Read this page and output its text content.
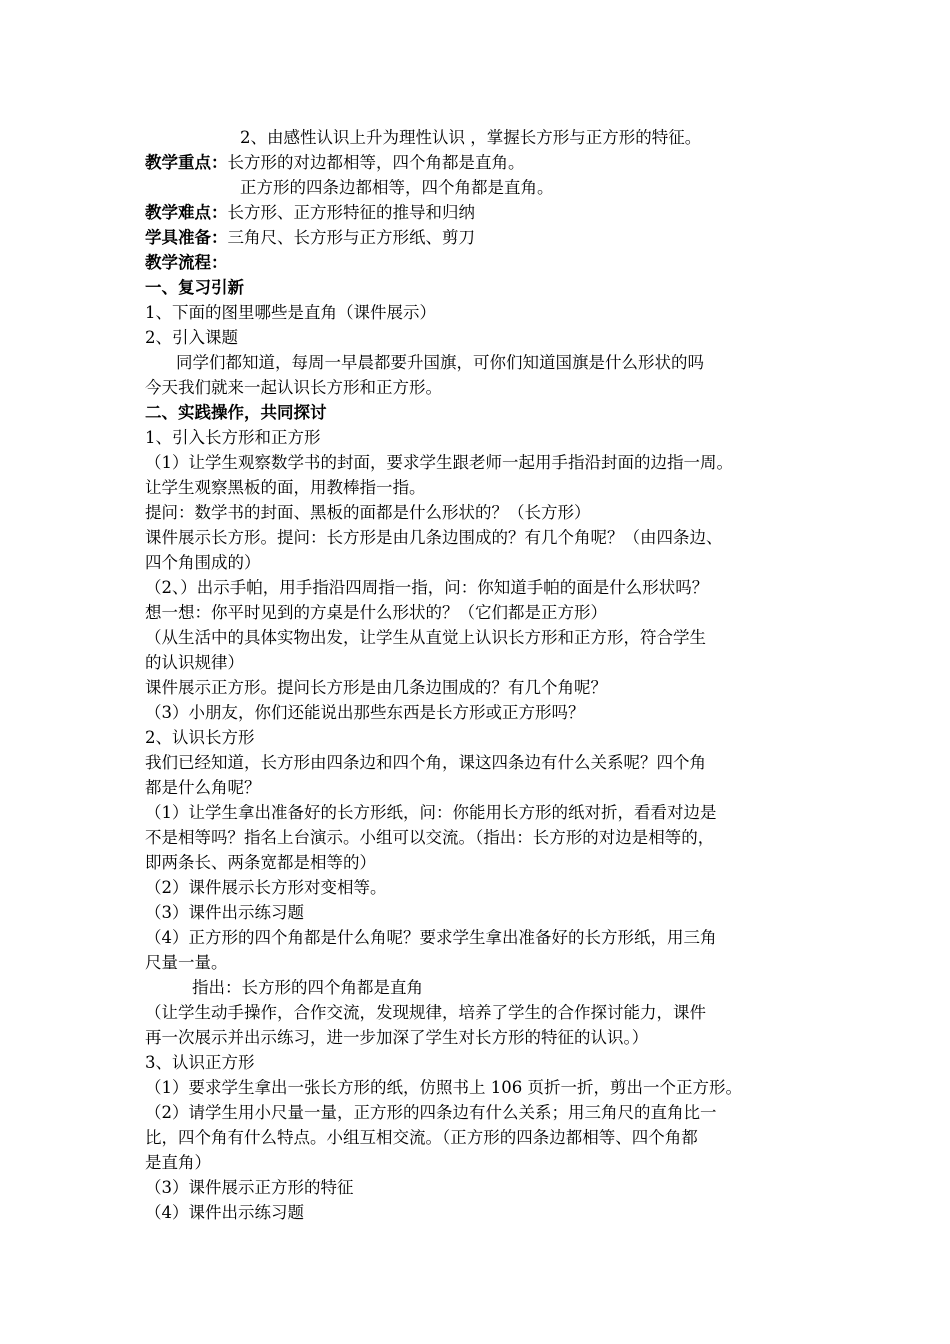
2、由感性认识上升为理性认识 ，掌握长方形与正方形的特征。
教学重点：长方形的对边都相等，四个角都是直角。
正方形的四条边都相等，四个角都是直角。
教学难点：长方形、正方形特征的推导和归纳
学具准备：三角尺、长方形与正方形纸、剪刀
教学流程：
一、复习引新
1、下面的图里哪些是直角（课件展示）
2、引入课题
同学们都知道，每周一早晨都要升国旗，可你们知道国旗是什么形状的吗
今天我们就来一起认识长方形和正方形。
二、实践操作，共同探讨
1、引入长方形和正方形
（1）让学生观察数学书的封面，要求学生跟老师一起用手指沿封面的边指一周。
让学生观察黑板的面，用教棒指一指。
提问：数学书的封面、黑板的面都是什么形状的？（长方形）
课件展示长方形。提问：长方形是由几条边围成的？有几个角呢？（由四条边、
四个角围成的）
（2、）出示手帕，用手指沿四周指一指，问：你知道手帕的面是什么形状吗？
想一想：你平时见到的方桌是什么形状的？（它们都是正方形）
（从生活中的具体实物出发，让学生从直觉上认识长方形和正方形，符合学生
的认识规律）
课件展示正方形。提问长方形是由几条边围成的？有几个角呢？
（3）小朋友，你们还能说出那些东西是长方形或正方形吗？
2、认识长方形
我们已经知道，长方形由四条边和四个角，课这四条边有什么关系呢？四个角
都是什么角呢？
（1）让学生拿出准备好的长方形纸，问：你能用长方形的纸对折，看看对边是
不是相等吗？指名上台演示。小组可以交流。（指出：长方形的对边是相等的，
即两条长、两条宽都是相等的）
（2）课件展示长方形对变相等。
（3）课件出示练习题
（4）正方形的四个角都是什么角呢？要求学生拿出准备好的长方形纸，用三角
尺量一量。
指出：长方形的四个角都是直角
（让学生动手操作，合作交流，发现规律，培养了学生的合作探讨能力，课件
再一次展示并出示练习，进一步加深了学生对长方形的特征的认识。）
3、认识正方形
（1）要求学生拿出一张长方形的纸，仿照书上 106 页折一折，剪出一个正方形。
（2）请学生用小尺量一量，正方形的四条边有什么关系；用三角尺的直角比一
比，四个角有什么特点。小组互相交流。（正方形的四条边都相等、四个角都
是直角）
（3）课件展示正方形的特征
（4）课件出示练习题
